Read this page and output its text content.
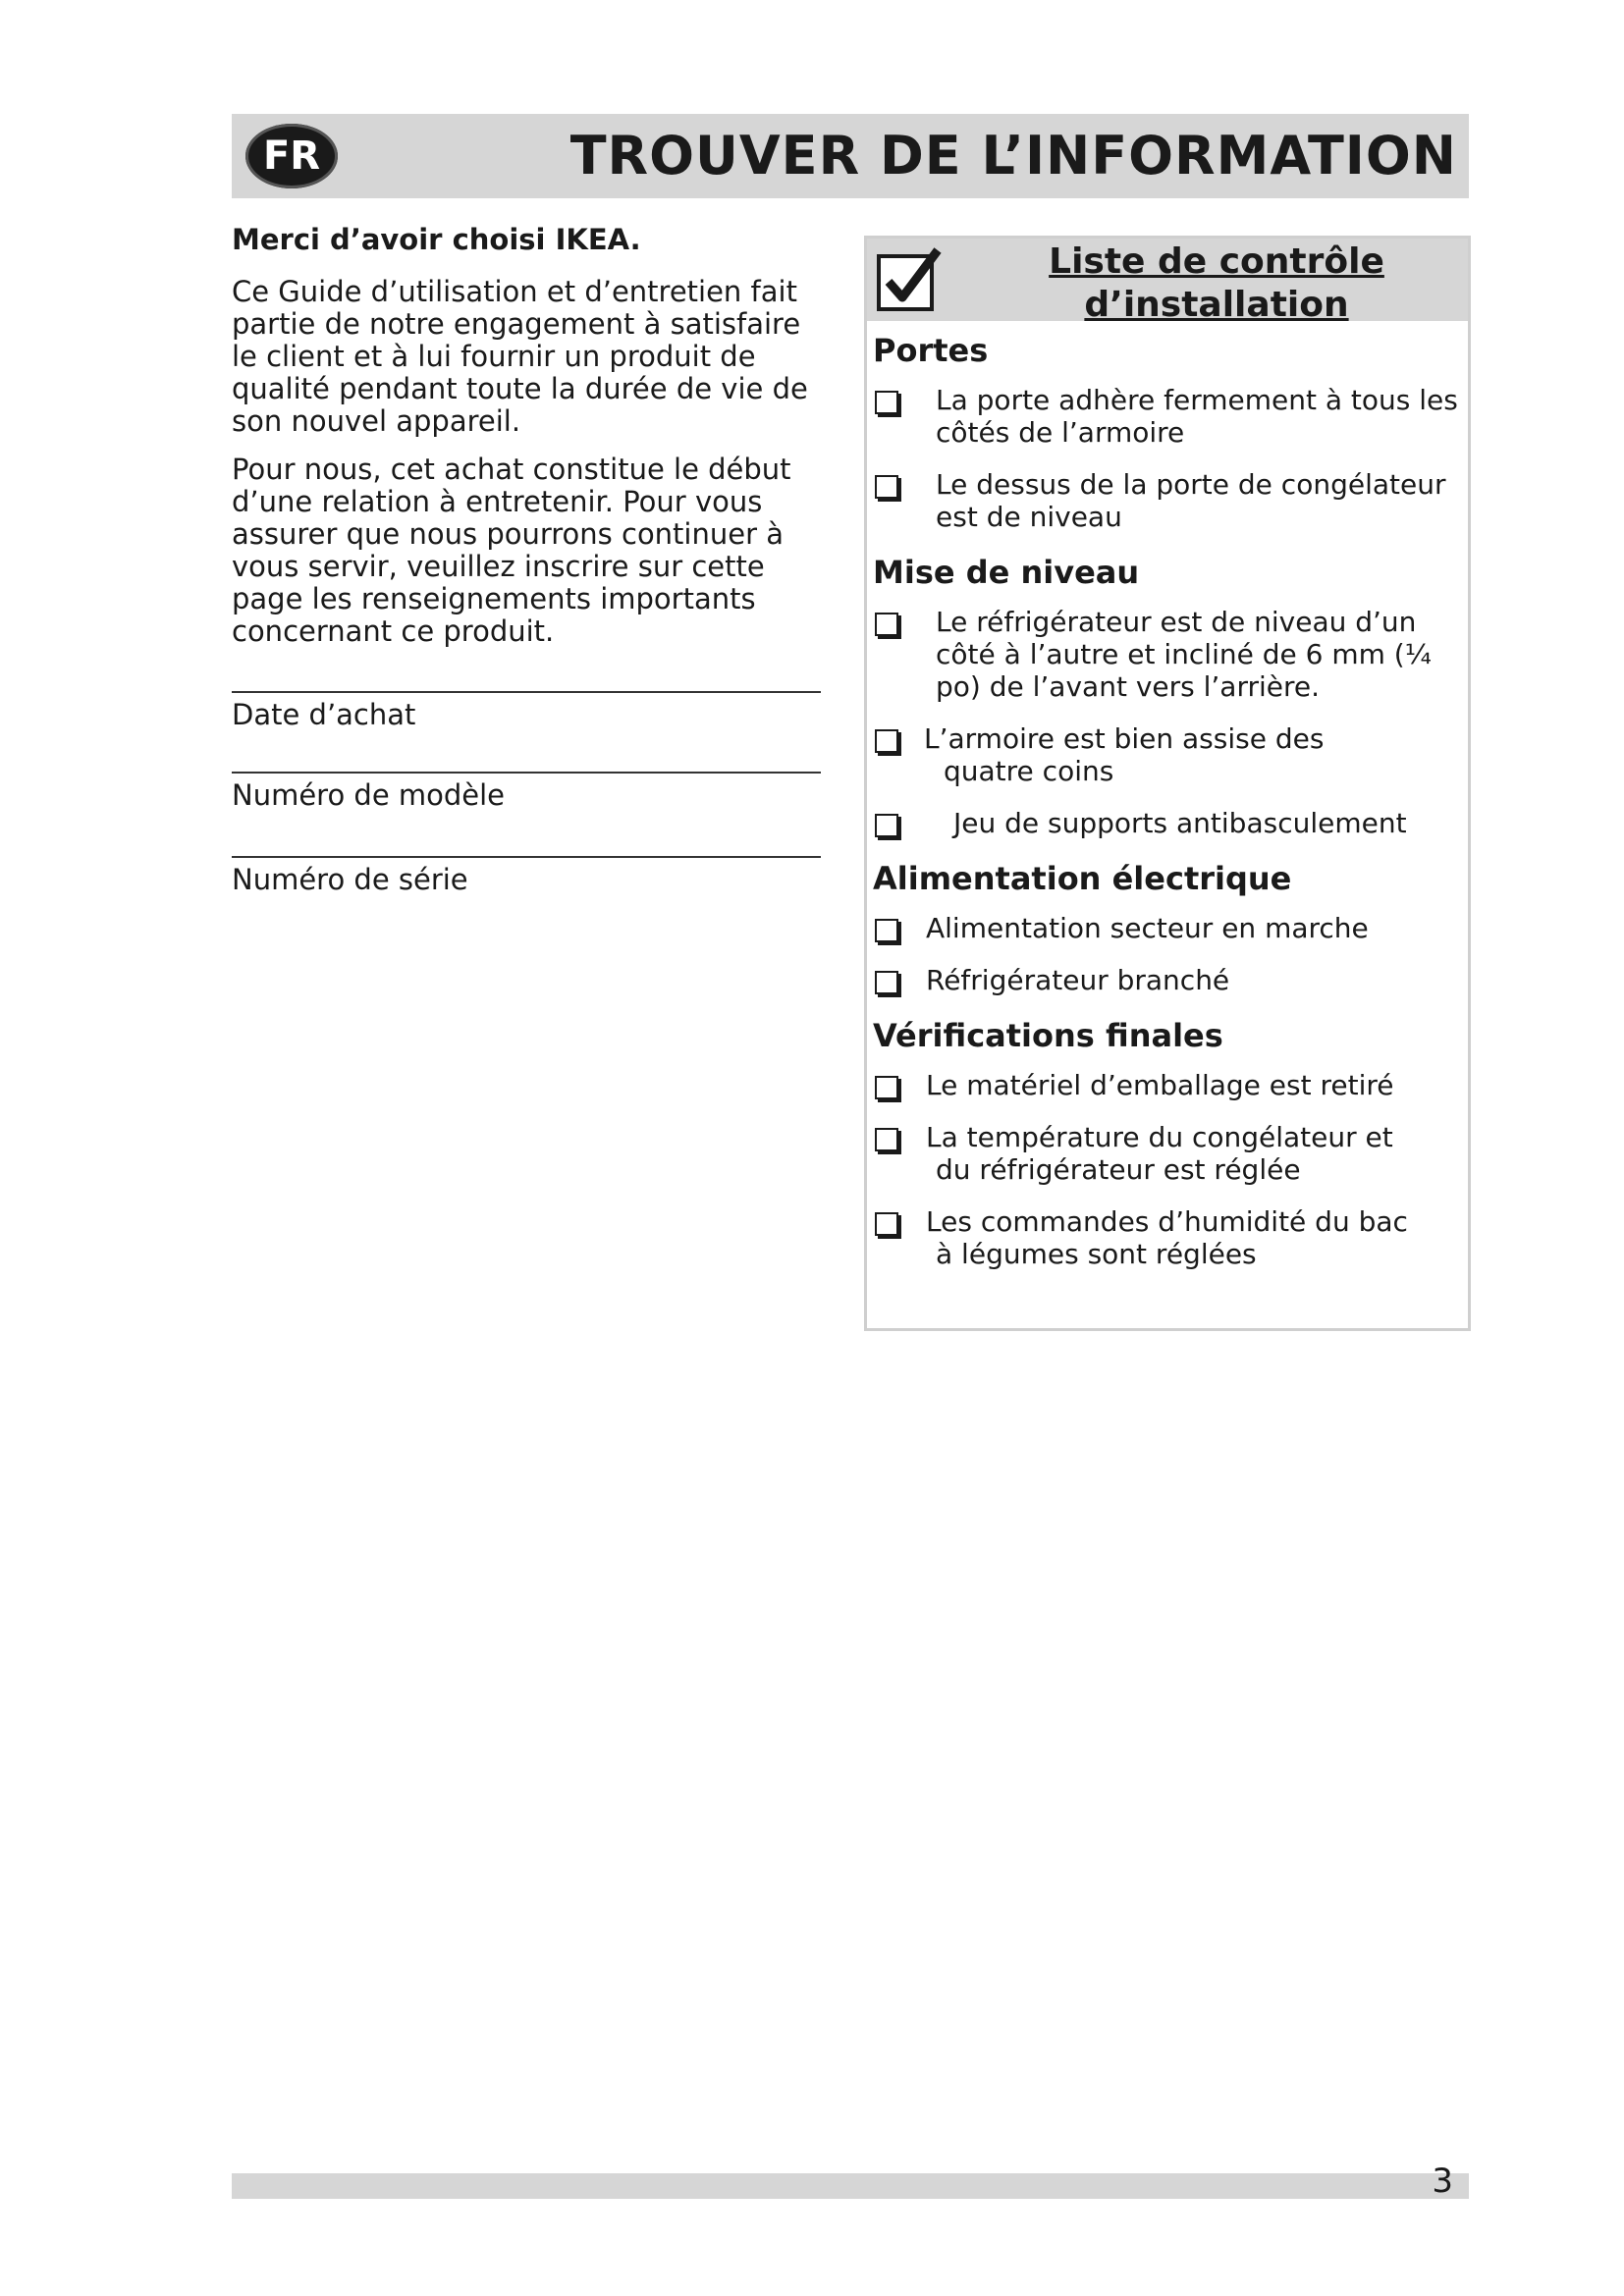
FR	TROUVER DE L’INFORMATION

Merci d’avoir choisi IKEA.

Ce Guide d’utilisation et d’entretien fait partie de notre engagement à satisfaire le client et à lui fournir un produit de qualité pendant toute la durée de vie de son nouvel appareil.

Pour nous, cet achat constitue le début d’une relation à entretenir. Pour vous assurer que nous pourrons continuer à vous servir, veuillez inscrire sur cette page les renseignements importants concernant ce produit.

Date d’achat
Numéro de modèle
Numéro de série
Liste de contrôle
d’installation
Portes
La porte adhère fermement à tous les côtés de l’armoire
Le dessus de la porte de congélateur est de niveau
Mise de niveau
Le réfrigérateur est de niveau d’un côté à l’autre et incliné de 6 mm (¼ po) de l’avant vers l’arrière.
L’armoire est bien assise des
quatre coins
Jeu de supports antibasculement
Alimentation électrique
Alimentation secteur en marche
Réfrigérateur branché
Vérifications finales
Le matériel d’emballage est retiré
La température du congélateur et
du réfrigérateur est réglée
Les commandes d’humidité du bac
à légumes sont réglées
3
